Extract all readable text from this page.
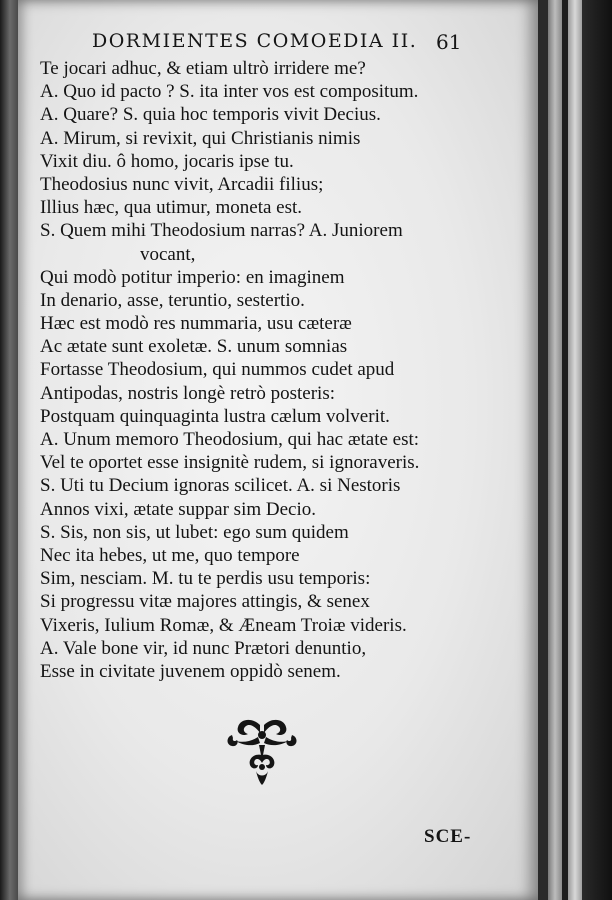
DORMIENTES COMOEDIA II. 61
Te jocari adhuc, & etiam ultrò irridere me?
A. Quo id pacto ? S. ita inter vos est compositum.
A. Quare? S. quia hoc temporis vivit Decius.
A. Mirum, si revixit, qui Christianis nimis
Vixit diu. ô homo, jocaris ipse tu.
Theodosius nunc vivit, Arcadii filius;
Illius hæc, qua utimur, moneta est.
S. Quem mihi Theodosium narras? A. Juniorem
vocant,
Qui modò potitur imperio: en imaginem
In denario, asse, teruntio, sestertio.
Hæc est modò res nummaria, usu cæteræ
Ac ætate sunt exoletæ. S. unum somnias
Fortasse Theodosium, qui nummos cudet apud
Antipodas, nostris longè retrò posteris:
Postquam quinquaginta lustra cælum volverit.
A. Unum memoro Theodosium, qui hac ætate est:
Vel te oportet esse insignitè rudem, si ignoraveris.
S. Uti tu Decium ignoras scilicet. A. si Nestoris
Annos vixi, ætate suppar sim Decio.
S. Sis, non sis, ut lubet: ego sum quidem
Nec ita hebes, ut me, quo tempore
Sim, nesciam. M. tu te perdis usu temporis:
Si progressu vitæ majores attingis, & senex
Vixeris, Iulium Romæ, & Æneam Troiæ videris.
A. Vale bone vir, id nunc Prætori denuntio,
Esse in civitate juvenem oppidò senem.
SCE-
